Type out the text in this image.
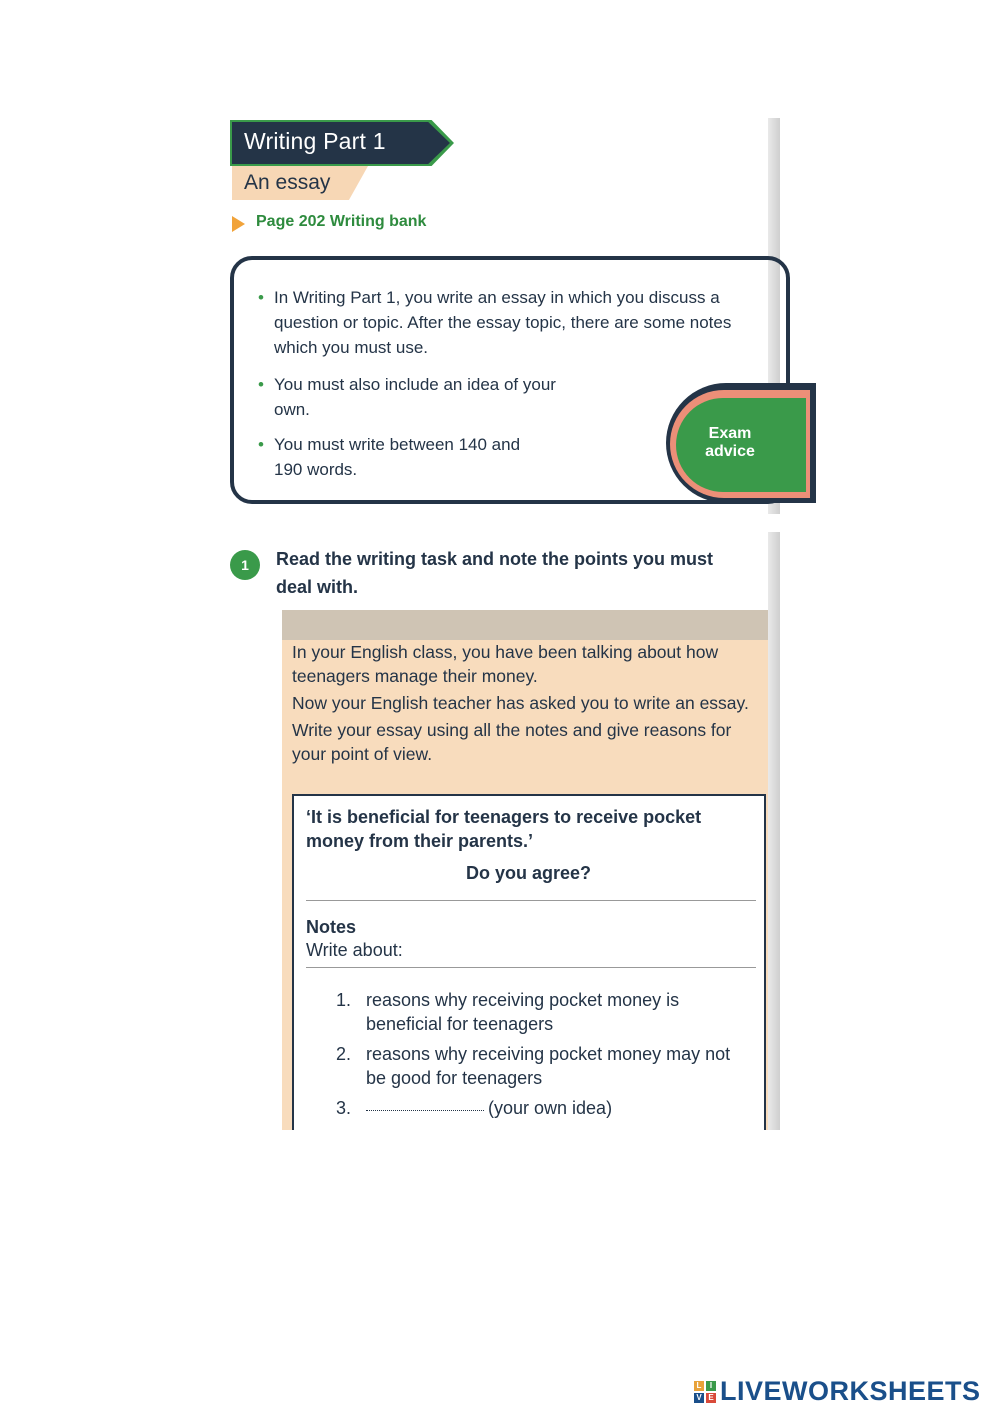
Writing Part 1
An essay
Page 202 Writing bank
• In Writing Part 1, you write an essay in which you discuss a question or topic. After the essay topic, there are some notes which you must use.
• You must also include an idea of your own.
• You must write between 140 and 190 words.
Exam
advice
1	Read the writing task and note the points you must deal with.

In your English class, you have been talking about how teenagers manage their money.

Now your English teacher has asked you to write an essay.

Write your essay using all the notes and give reasons for your point of view.

‘It is beneficial for teenagers to receive pocket money from their parents.’
Do you agree?
Notes
Write about:
1. reasons why receiving pocket money is beneficial for teenagers
2. reasons why receiving pocket money may not be good for teenagers
3.	(your own idea)
L	I
V E LIVEWORKSHEETS
